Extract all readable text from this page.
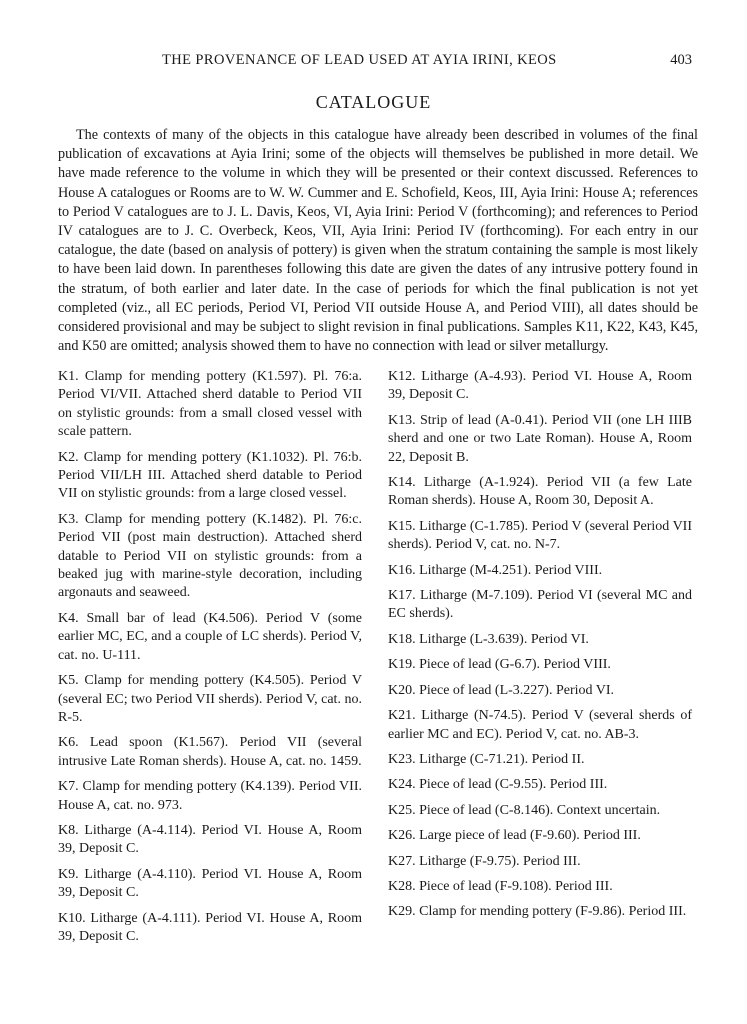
THE PROVENANCE OF LEAD USED AT AYIA IRINI, KEOS	403
CATALOGUE

The contexts of many of the objects in this catalogue have already been described in volumes of the final publication of excavations at Ayia Irini; some of the objects will themselves be published in more detail. We have made reference to the volume in which they will be presented or their context discussed. References to House A catalogues or Rooms are to W. W. Cummer and E. Schofield, Keos, III, Ayia Irini: House A; references to Period V catalogues are to J. L. Davis, Keos, VI, Ayia Irini: Period V (forthcoming); and references to Period IV catalogues are to J. C. Overbeck, Keos, VII, Ayia Irini: Period IV (forthcoming). For each entry in our catalogue, the date (based on analysis of pottery) is given when the stratum containing the sample is most likely to have been laid down. In parentheses following this date are given the dates of any intrusive pottery found in the stratum, of both earlier and later date. In the case of periods for which the final publication is not yet completed (viz., all EC periods, Period VI, Period VII outside House A, and Period VIII), all dates should be considered provisional and may be subject to slight revision in final publications. Samples K11, K22, K43, K45, and K50 are omitted; analysis showed them to have no connection with lead or silver metallurgy.

K1. Clamp for mending pottery (K1.597). Pl. 76:a. Period VI/VII. Attached sherd datable to Period VII on stylistic grounds: from a small closed vessel with scale pattern.

K2. Clamp for mending pottery (K1.1032). Pl. 76:b. Period VII/LH III. Attached sherd datable to Period VII on stylistic grounds: from a large closed vessel.

K3. Clamp for mending pottery (K.1482). Pl. 76:c. Period VII (post main destruction). Attached sherd datable to Period VII on stylistic grounds: from a beaked jug with marine-style decoration, including argonauts and seaweed.

K4. Small bar of lead (K4.506). Period V (some earlier MC, EC, and a couple of LC sherds). Period V, cat. no. U-111.

K5. Clamp for mending pottery (K4.505). Period V (several EC; two Period VII sherds). Period V, cat. no. R-5.

K6. Lead spoon (K1.567). Period VII (several intrusive Late Roman sherds). House A, cat. no. 1459.

K7. Clamp for mending pottery (K4.139). Period VII. House A, cat. no. 973.

K8. Litharge (A-4.114). Period VI. House A, Room 39, Deposit C.

K9. Litharge (A-4.110). Period VI. House A, Room 39, Deposit C.

K10. Litharge (A-4.111). Period VI. House A, Room 39, Deposit C.

K12. Litharge (A-4.93). Period VI. House A, Room 39, Deposit C.

K13. Strip of lead (A-0.41). Period VII (one LH IIIB sherd and one or two Late Roman). House A, Room 22, Deposit B.

K14. Litharge (A-1.924). Period VII (a few Late Roman sherds). House A, Room 30, Deposit A.

K15. Litharge (C-1.785). Period V (several Period VII sherds). Period V, cat. no. N-7.

K16. Litharge (M-4.251). Period VIII.

K17. Litharge (M-7.109). Period VI (several MC and EC sherds).

K18. Litharge (L-3.639). Period VI.

K19. Piece of lead (G-6.7). Period VIII.

K20. Piece of lead (L-3.227). Period VI.

K21. Litharge (N-74.5). Period V (several sherds of earlier MC and EC). Period V, cat. no. AB-3.

K23. Litharge (C-71.21). Period II.

K24. Piece of lead (C-9.55). Period III.

K25. Piece of lead (C-8.146). Context uncertain.

K26. Large piece of lead (F-9.60). Period III.

K27. Litharge (F-9.75). Period III.

K28. Piece of lead (F-9.108). Period III.

K29. Clamp for mending pottery (F-9.86). Period III.
